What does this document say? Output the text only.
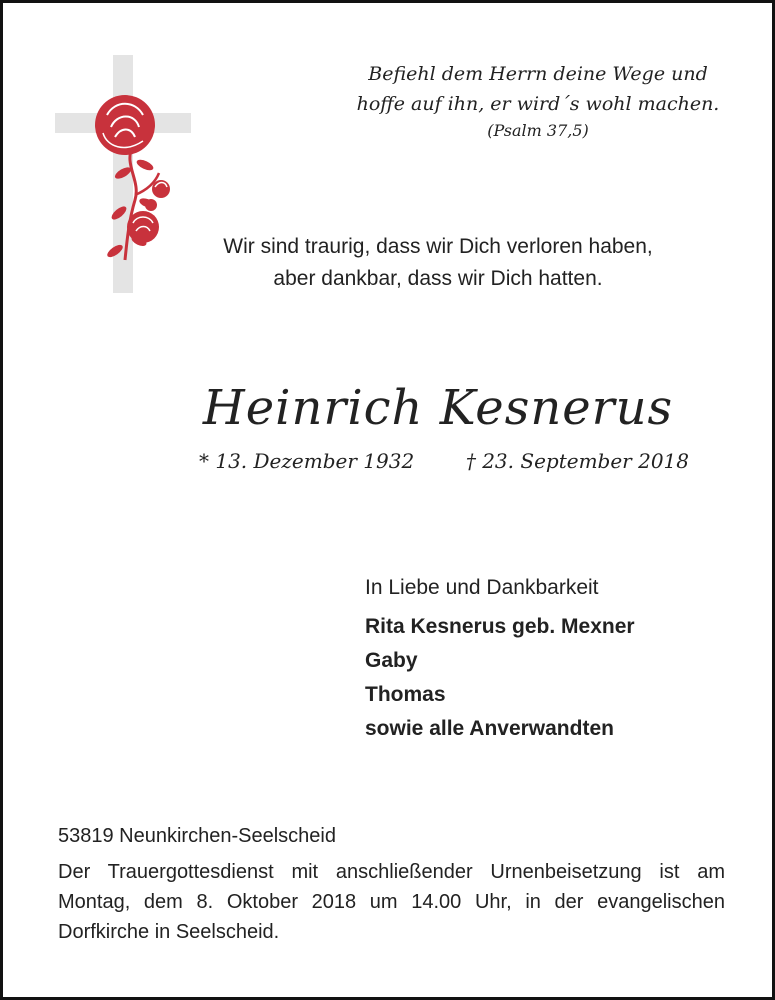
Befiehl dem Herrn deine Wege und
hoffe auf ihn, er wird´s wohl machen.
(Psalm 37,5)
Wir sind traurig, dass wir Dich verloren haben,
aber dankbar, dass wir Dich hatten.
Heinrich Kesnerus
* 13. Dezember 1932	† 23. September 2018
In Liebe und Dankbarkeit
Rita Kesnerus geb. Mexner
Gaby
Thomas
sowie alle Anverwandten
53819 Neunkirchen-Seelscheid
Der Trauergottesdienst mit anschließender Urnenbeisetzung ist am Montag, dem 8. Oktober 2018 um 14.00 Uhr, in der evangelischen Dorfkirche in Seelscheid.
